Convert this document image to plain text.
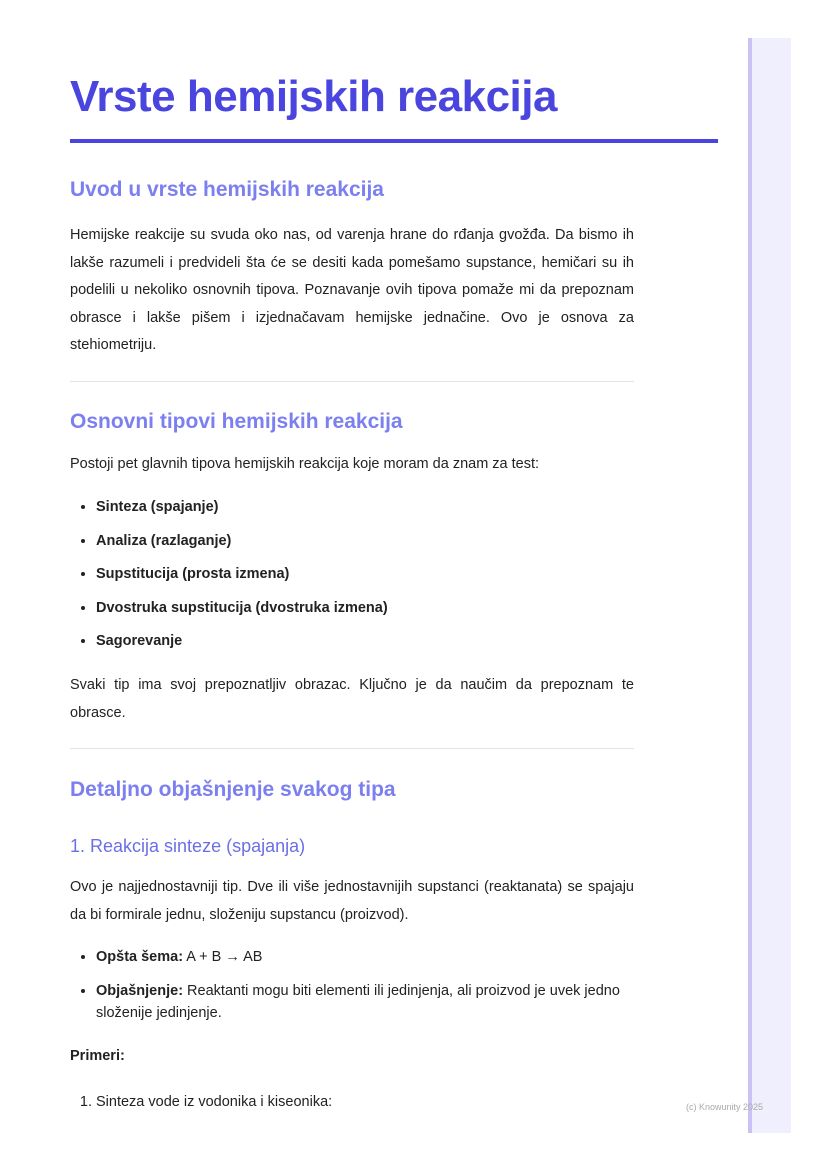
Vrste hemijskih reakcija
Uvod u vrste hemijskih reakcija

Hemijske reakcije su svuda oko nas, od varenja hrane do rđanja gvožđa. Da bismo ih lakše razumeli i predvideli šta će se desiti kada pomešamo supstance, hemičari su ih podelili u nekoliko osnovnih tipova. Poznavanje ovih tipova pomaže mi da prepoznam obrasce i lakše pišem i izjednačavam hemijske jednačine. Ovo je osnova za stehiometriju.

Osnovni tipovi hemijskih reakcija

Postoji pet glavnih tipova hemijskih reakcija koje moram da znam za test:

• Sinteza (spajanje)
• Analiza (razlaganje)
• Supstitucija (prosta izmena)
• Dvostruka supstitucija (dvostruka izmena)
• Sagorevanje

Svaki tip ima svoj prepoznatljiv obrazac. Ključno je da naučim da prepoznam te obrasce.

Detaljno objašnjenje svakog tipa
1. Reakcija sinteze (spajanja)

Ovo je najjednostavniji tip. Dve ili više jednostavnijih supstanci (reaktanata) se spajaju da bi formirale jednu, složeniju supstancu (proizvod).

• Opšta šema: A + B → AB
• Objašnjenje: Reaktanti mogu biti elementi ili jedinjenja, ali proizvod je uvek jedno složenije jedinjenje.

Primeri:

1. Sinteza vode iz vodonika i kiseonika:	(c) Knowunity 2025
